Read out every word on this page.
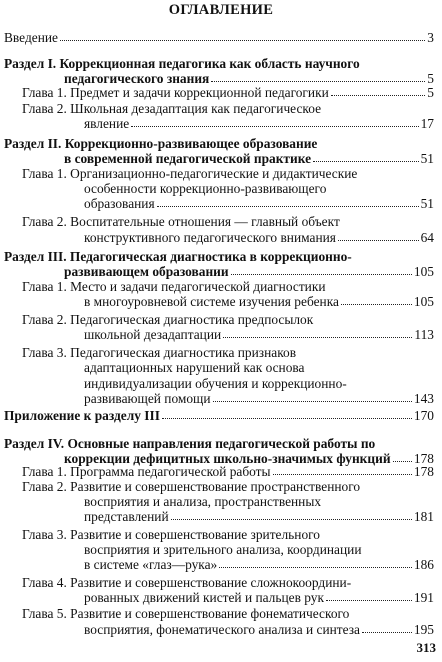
ОГЛАВЛЕНИЕ
Введение	3
Раздел I. Коррекционная педагогика как область научного
педагогического знания	5
Глава 1. Предмет и задачи коррекционной педагогики	5
Глава 2. Школьная дезадаптация как педагогическое
явление	17
Раздел II. Коррекционно-развивающее образование
в современной педагогической практике	51
Глава 1. Организационно-педагогические и дидактические
особенности коррекционно-развивающего
образования	51
Глава 2. Воспитательные отношения — главный объект
конструктивного педагогического внимания	64
Раздел III. Педагогическая диагностика в коррекционно-
развивающем образовании	105
Глава 1. Место и задачи педагогической диагностики
в многоуровневой системе изучения ребенка	105
Глава 2. Педагогическая диагностика предпосылок
школьной дезадаптации	113
Глава 3. Педагогическая диагностика признаков
адаптационных нарушений как основа
индивидуализации обучения и коррекционно-
развивающей помощи	143
Приложение к разделу III	170
Раздел IV. Основные направления педагогической работы по
коррекции дефицитных школьно-значимых функций 178
Глава 1. Программа педагогической работы	178
Глава 2. Развитие и совершенствование пространственного
восприятия и анализа, пространственных
представлений	181
Глава 3. Развитие и совершенствование зрительного
восприятия и зрительного анализа, координации
в системе «глаз—рука»	186
Глава 4. Развитие и совершенствование сложнокоордини-
рованных движений кистей и пальцев рук	191
Глава 5. Развитие и совершенствование фонематического
восприятия, фонематического анализа и синтеза	195
313
